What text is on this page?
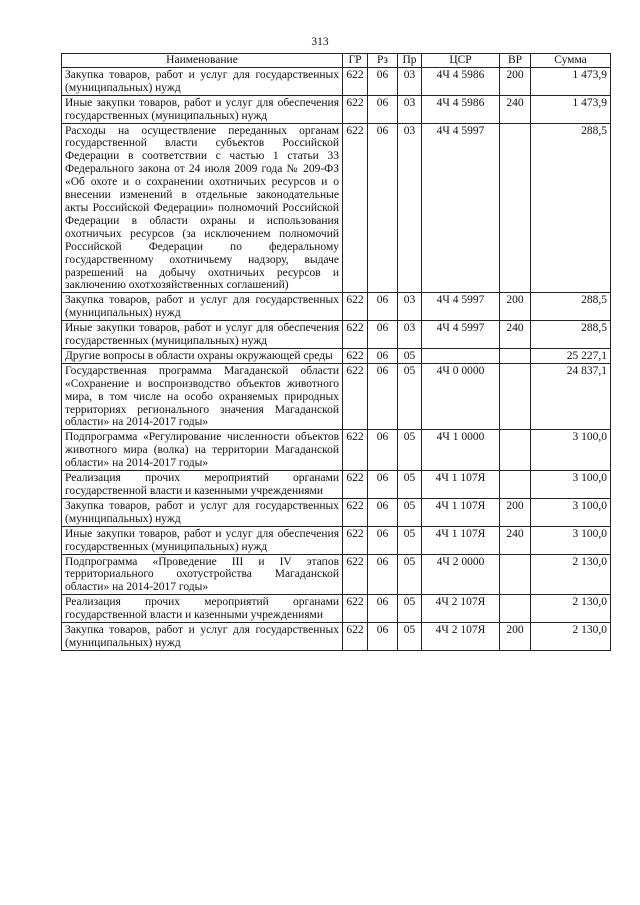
313
Наименование	ГР	Рз	Пр	ЦСР	ВР	Сумма
Закупка товаров, работ и услуг для государственных (муниципальных) нужд	622	06	03	4Ч 4 5986	200	1 473,9
Иные закупки товаров, работ и услуг для обеспечения государственных (муниципальных) нужд	622	06	03	4Ч 4 5986	240	1 473,9
Расходы на осуществление переданных органам государственной власти субъектов Российской Федерации в соответствии с частью 1 статьи 33 Федерального закона от 24 июля 2009 года № 209-ФЗ «Об охоте и о сохранении охотничьих ресурсов и о внесении изменений в отдельные законодательные акты Российской Федерации» полномочий Российской Федерации в области охраны и использования охотничьих ресурсов (за исключением полномочий Российской Федерации по федеральному государственному охотничьему надзору, выдаче разрешений на добычу охотничьих ресурсов и заключению охотхозяйственных соглашений)	622	06	03	4Ч 4 5997		288,5
Закупка товаров, работ и услуг для государственных (муниципальных) нужд	622	06	03	4Ч 4 5997	200	288,5
Иные закупки товаров, работ и услуг для обеспечения государственных (муниципальных) нужд	622	06	03	4Ч 4 5997	240	288,5
Другие вопросы в области охраны окружающей среды	622	06	05			25 227,1
Государственная программа Магаданской области «Сохранение и воспроизводство объектов животного мира, в том числе на особо охраняемых природных территориях регионального значения Магаданской области» на 2014-2017 годы»	622	06	05	4Ч 0 0000		24 837,1
Подпрограмма «Регулирование численности объектов животного мира (волка) на территории Магаданской области» на 2014-2017 годы»	622	06	05	4Ч 1 0000		3 100,0
Реализация прочих мероприятий органами государственной власти и казенными учреждениями	622	06	05	4Ч 1 107Я		3 100,0
Закупка товаров, работ и услуг для государственных (муниципальных) нужд	622	06	05	4Ч 1 107Я	200	3 100,0
Иные закупки товаров, работ и услуг для обеспечения государственных (муниципальных) нужд	622	06	05	4Ч 1 107Я	240	3 100,0
Подпрограмма «Проведение III и IV этапов территориального охотустройства Магаданской области» на 2014-2017 годы»	622	06	05	4Ч 2 0000		2 130,0
Реализация прочих мероприятий органами государственной власти и казенными учреждениями	622	06	05	4Ч 2 107Я		2 130,0
Закупка товаров, работ и услуг для государственных (муниципальных) нужд	622	06	05	4Ч 2 107Я	200	2 130,0
